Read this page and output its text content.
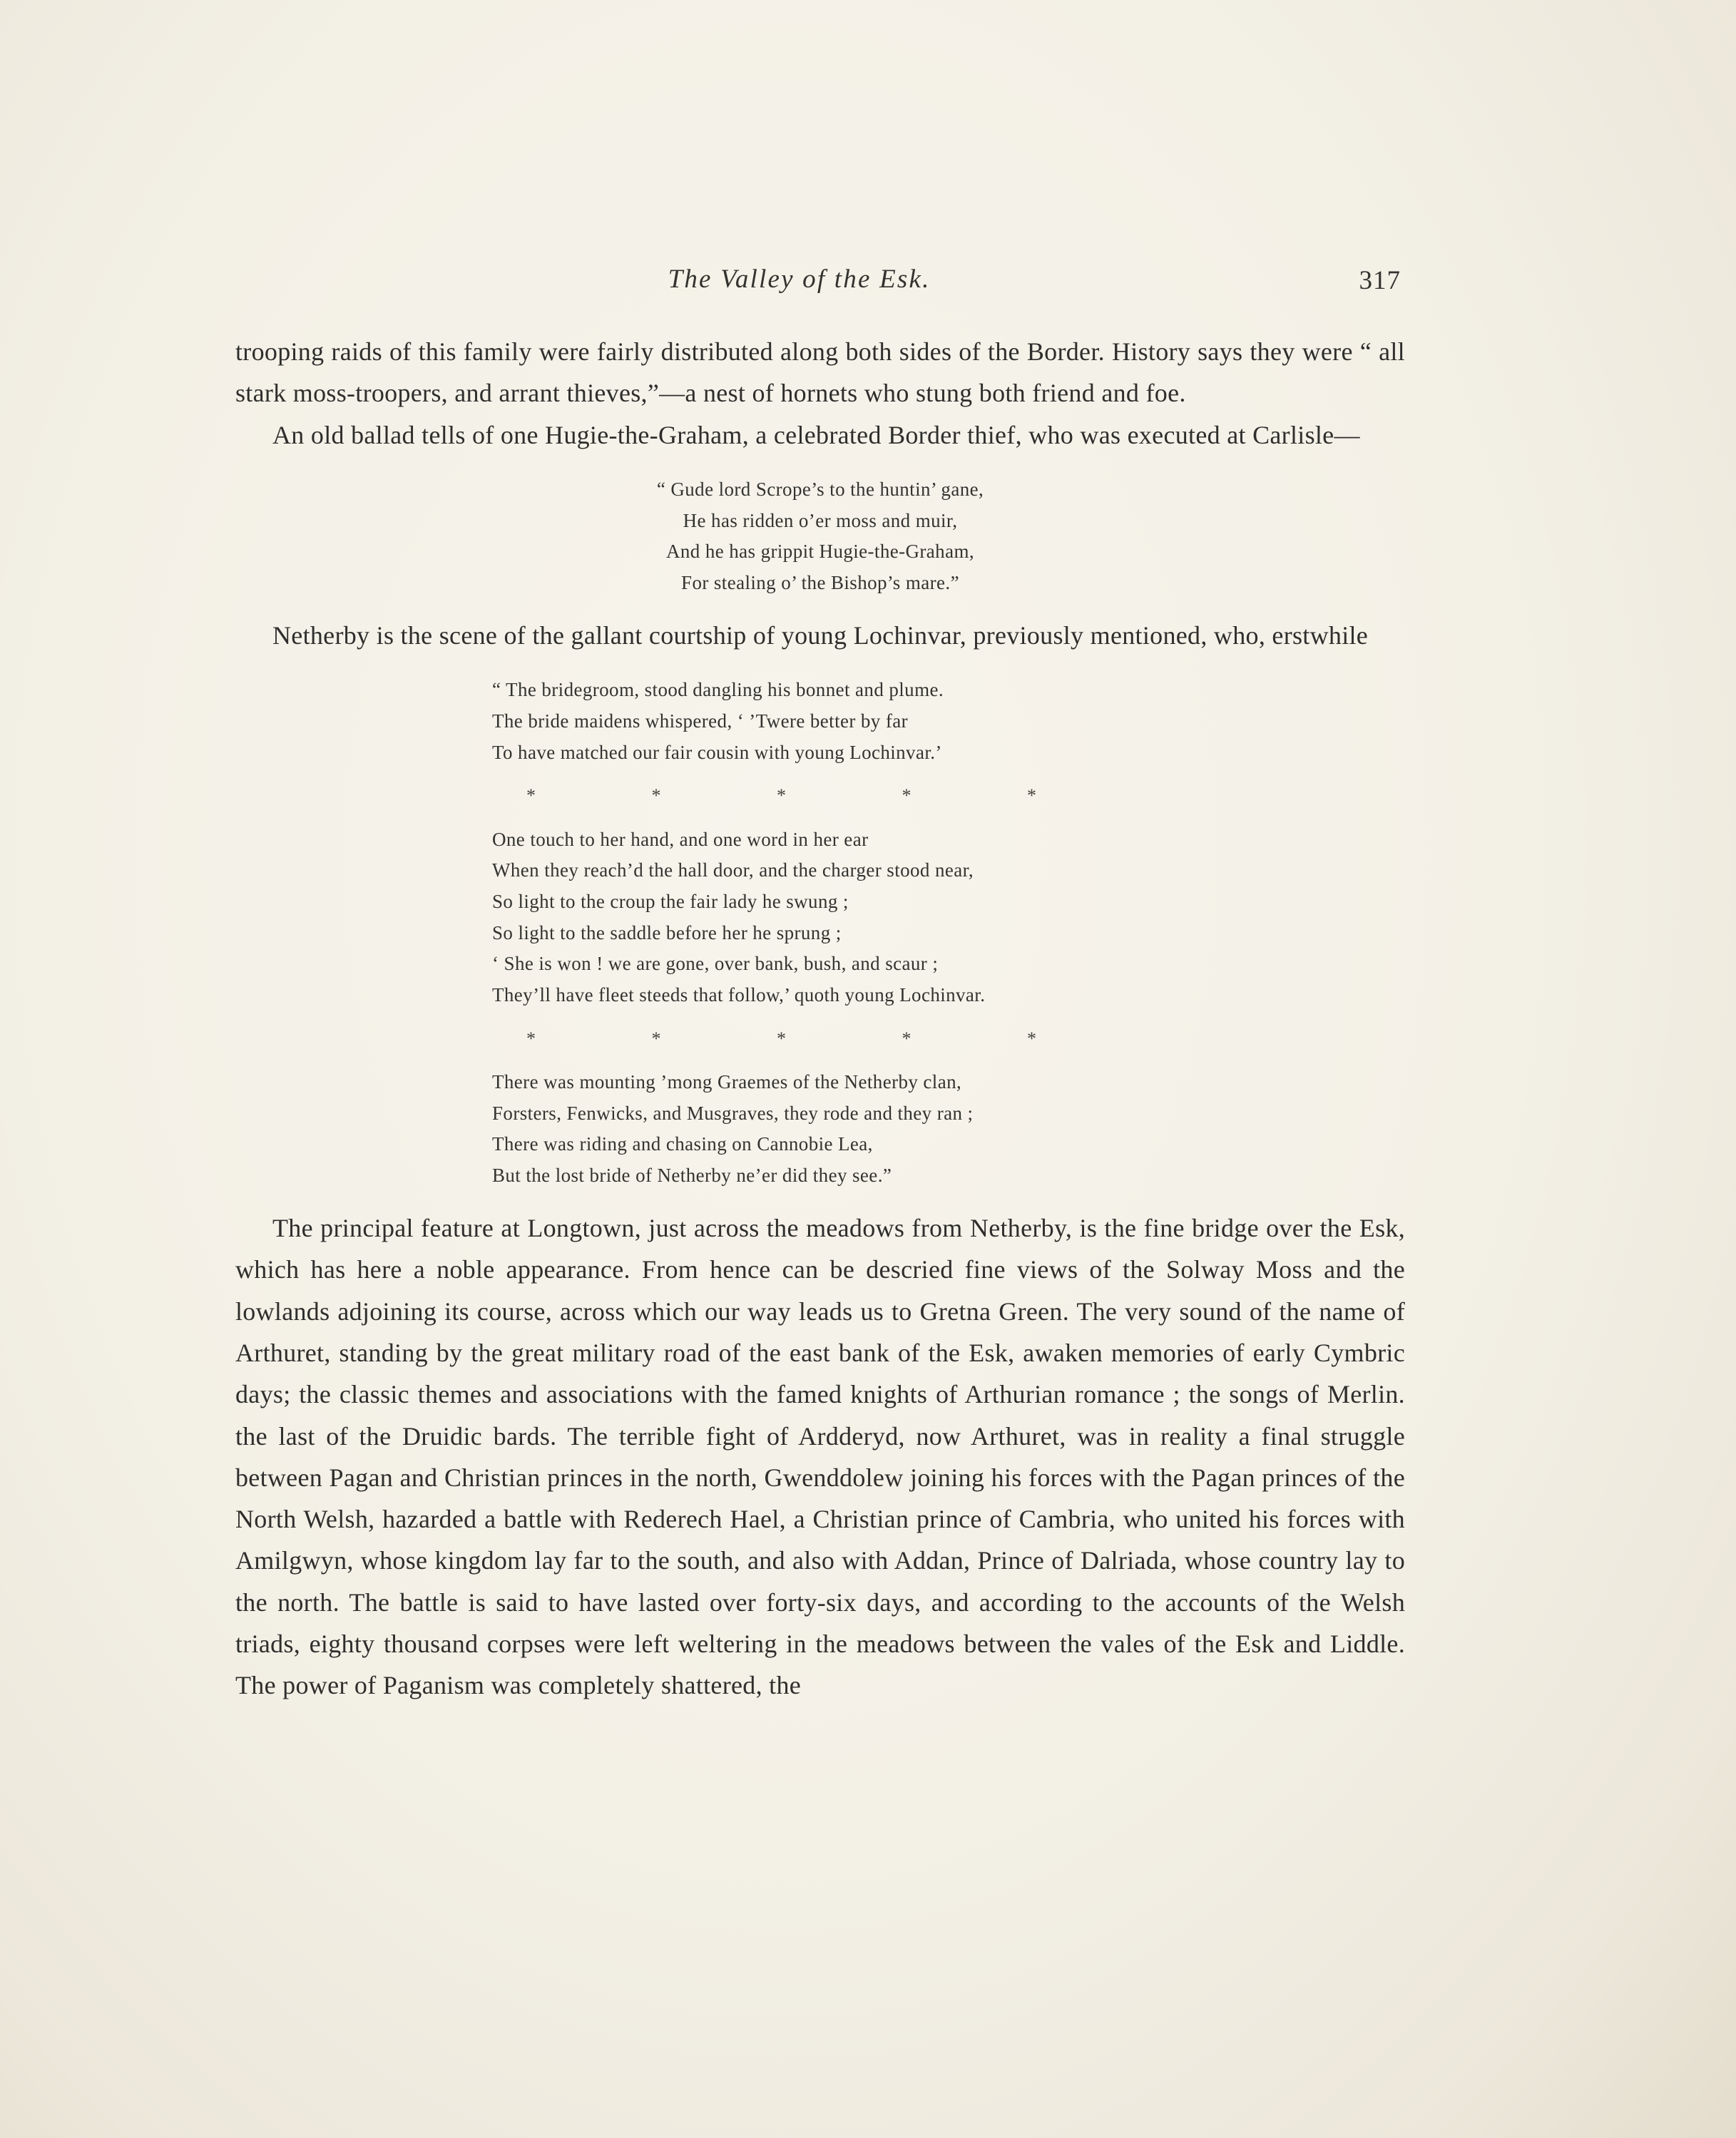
The Valley of the Esk.	317

trooping raids of this family were fairly distributed along both sides of the Border. History says they were “ all stark moss-troopers, and arrant thieves,”—a nest of hornets who stung both friend and foe.

An old ballad tells of one Hugie-the-Graham, a celebrated Border thief, who was executed at Carlisle—

“ Gude lord Scrope’s to the huntin’ gane,
He has ridden o’er moss and muir,
And he has grippit Hugie-the-Graham,
For stealing o’ the Bishop’s mare.”

Netherby is the scene of the gallant courtship of young Lochinvar, previously mentioned, who, erstwhile

“ The bridegroom, stood dangling his bonnet and plume.
The bride maidens whispered, ‘ ’Twere better by far
To have matched our fair cousin with young Lochinvar.’
* * * * *
One touch to her hand, and one word in her ear
When they reach’d the hall door, and the charger stood near,
So light to the croup the fair lady he swung ;
So light to the saddle before her he sprung ;
‘ She is won ! we are gone, over bank, bush, and scaur ;
They’ll have fleet steeds that follow,’ quoth young Lochinvar.
* * * * *
There was mounting ’mong Graemes of the Netherby clan,
Forsters, Fenwicks, and Musgraves, they rode and they ran ;
There was riding and chasing on Cannobie Lea,
But the lost bride of Netherby ne’er did they see.”

The principal feature at Longtown, just across the meadows from Netherby, is the fine bridge over the Esk, which has here a noble appearance. From hence can be descried fine views of the Solway Moss and the lowlands adjoining its course, across which our way leads us to Gretna Green. The very sound of the name of Arthuret, standing by the great military road of the east bank of the Esk, awaken memories of early Cymbric days; the classic themes and associations with the famed knights of Arthurian romance ; the songs of Merlin. the last of the Druidic bards. The terrible fight of Ardderyd, now Arthuret, was in reality a final struggle between Pagan and Christian princes in the north, Gwenddolew joining his forces with the Pagan princes of the North Welsh, hazarded a battle with Rederech Hael, a Christian prince of Cambria, who united his forces with Amilgwyn, whose kingdom lay far to the south, and also with Addan, Prince of Dalriada, whose country lay to the north. The battle is said to have lasted over forty-six days, and according to the accounts of the Welsh triads, eighty thousand corpses were left weltering in the meadows between the vales of the Esk and Liddle. The power of Paganism was completely shattered, the
